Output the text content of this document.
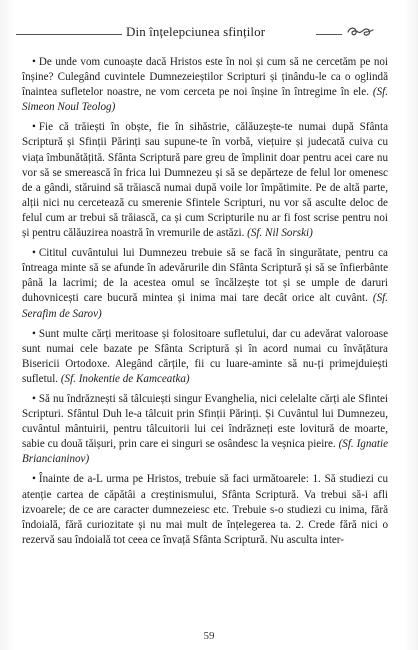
Din înțelepciunea sfinților

• De unde vom cunoaște dacă Hristos este în noi și cum să ne cercetăm pe noi înșine? Culegând cuvintele Dumnezeieștilor Scripturi și ținându-le ca o oglindă înaintea sufletelor noastre, ne vom cerceta pe noi înșine în întregime în ele. (Sf. Simeon Noul Teolog)

• Fie că trăiești în obște, fie în sihăstrie, călăuzește-te numai după Sfânta Scriptură și Sfinții Părinți sau supune-te în vorbă, viețuire și judecată cuiva cu viața îmbunătățită. Sfânta Scriptură pare greu de împlinit doar pentru acei care nu vor să se smerească în frica lui Dumnezeu și să se depărteze de felul lor omenesc de a gândi, stăruind să trăiască numai după voile lor împătimite. Pe de altă parte, alții nici nu cercetează cu smerenie Sfintele Scripturi, nu vor să asculte deloc de felul cum ar trebui să trăiască, ca și cum Scripturile nu ar fi fost scrise pentru noi și pentru călăuzirea noastră în vremurile de astăzi. (Sf. Nil Sorski)

• Cititul cuvântului lui Dumnezeu trebuie să se facă în singurătate, pentru ca întreaga minte să se afunde în adevărurile din Sfânta Scriptură și să se înfierbânte până la lacrimi; de la acestea omul se încălzește tot și se umple de daruri duhovnicești care bucură mintea și inima mai tare decât orice alt cuvânt. (Sf. Serafim de Sarov)

• Sunt multe cărți meritoase și folositoare sufletului, dar cu adevărat valoroase sunt numai cele bazate pe Sfânta Scriptură și în acord numai cu învățătura Bisericii Ortodoxe. Alegând cărțile, fii cu luare-aminte să nu-ți primejduiești sufletul. (Sf. Inokentie de Kamceatka)

• Să nu îndrăznești să tâlcuiești singur Evanghelia, nici celelalte cărți ale Sfintei Scripturi. Sfântul Duh le-a tâlcuit prin Sfinții Părinți. Și Cuvântul lui Dumnezeu, cuvântul mântuirii, pentru tâlcuitorii lui cei îndrăzneți este lovitură de moarte, sabie cu două tăișuri, prin care ei singuri se osândesc la veșnica pieire. (Sf. Ignatie Briancianinov)

• Înainte de a-L urma pe Hristos, trebuie să faci următoarele: 1. Să studiezi cu atenție cartea de căpătâi a creștinismului, Sfânta Scriptură. Va trebui să-i afli izvoarele; de ce are caracter dumnezeiesc etc. Trebuie s-o studiezi cu inima, fără îndoială, fără curiozitate și nu mai mult de înțelegerea ta. 2. Crede fără nici o rezervă sau îndoială tot ceea ce învață Sfânta Scriptură. Nu asculta inter-

59
